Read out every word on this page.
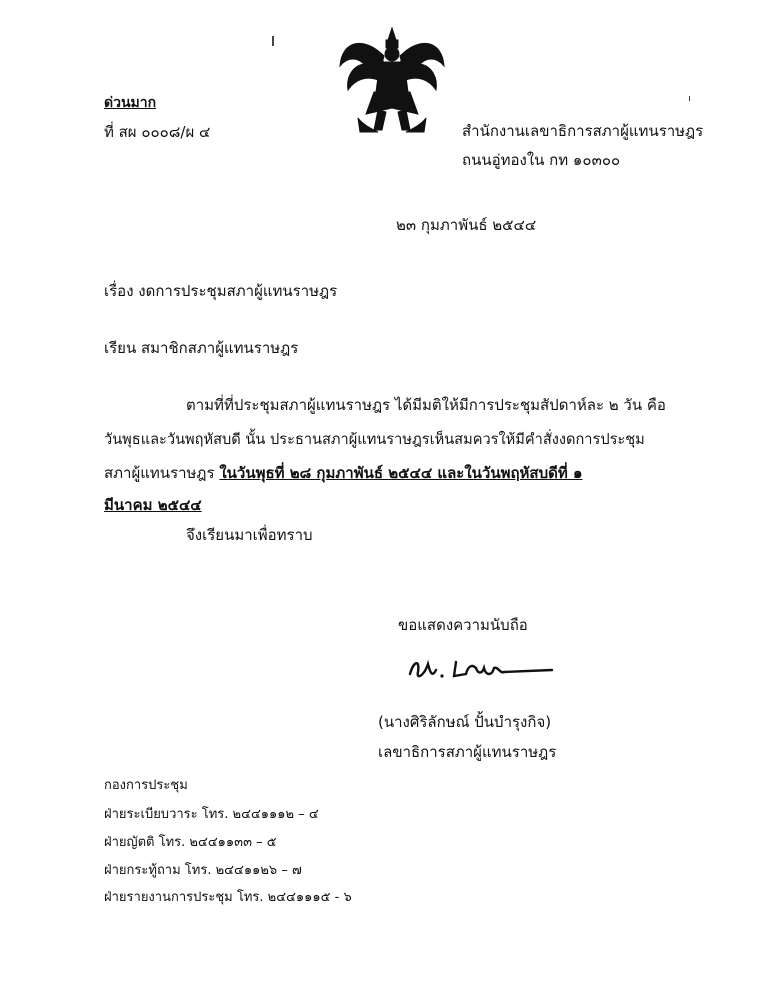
ด่วนมาก
ที่ สผ ๐๐๐๘/ผ ๔	สำนักงานเลขาธิการสภาผู้แทนราษฎร
ถนนอู่ทองใน กท ๑๐๓๐๐
๒๓ กุมภาพันธ์ ๒๕๔๔
เรื่อง งดการประชุมสภาผู้แทนราษฎร
เรียน สมาชิกสภาผู้แทนราษฎร
ตามที่ที่ประชุมสภาผู้แทนราษฎร ได้มีมติให้มีการประชุมสัปดาห์ละ ๒ วัน คือ
วันพุธและวันพฤหัสบดี นั้น ประธานสภาผู้แทนราษฎรเห็นสมควรให้มีคำสั่งงดการประชุม
สภาผู้แทนราษฎร ในวันพุธที่ ๒๘ กุมภาพันธ์ ๒๕๔๔ และในวันพฤหัสบดีที่ ๑
มีนาคม ๒๕๔๔
จึงเรียนมาเพื่อทราบ
ขอแสดงความนับถือ
(นางศิริลักษณ์ ปั้นบำรุงกิจ)
เลขาธิการสภาผู้แทนราษฎร
กองการประชุม
ฝ่ายระเบียบวาระ โทร. ๒๔๔๑๑๑๒ – ๔
ฝ่ายญัตติ โทร. ๒๔๔๑๑๓๓ – ๕
ฝ่ายกระทู้ถาม โทร. ๒๔๔๑๑๒๖ – ๗
ฝ่ายรายงานการประชุม โทร. ๒๔๔๑๑๑๕ - ๖
